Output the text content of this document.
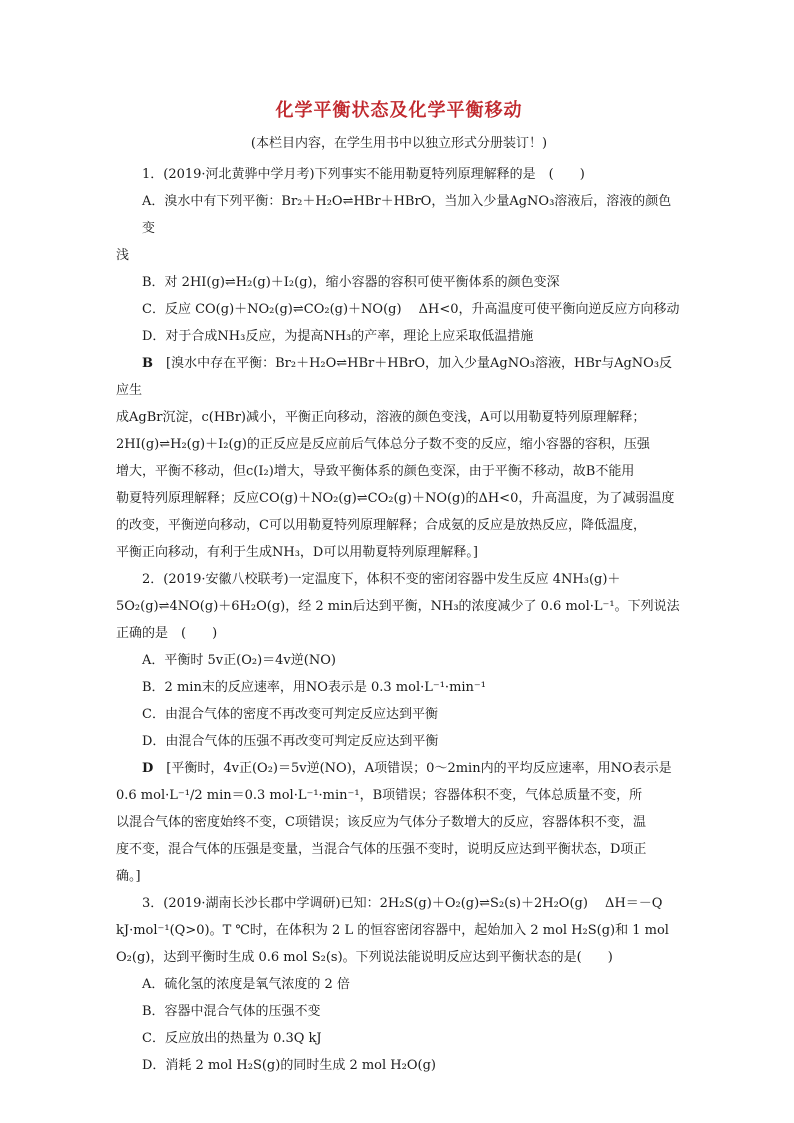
化学平衡状态及化学平衡移动
(本栏目内容，在学生用书中以独立形式分册装订！)

1．(2019·河北黄骅中学月考)下列事实不能用勒夏特列原理解释的是　(　　)

A．溴水中有下列平衡：Br₂＋H₂O⇌HBr＋HBrO，当加入少量AgNO₃溶液后，溶液的颜色变

浅

B．对 2HI(g)⇌H₂(g)＋I₂(g)，缩小容器的容积可使平衡体系的颜色变深

C．反应 CO(g)＋NO₂(g)⇌CO₂(g)＋NO(g)　 ΔH<0，升高温度可使平衡向逆反应方向移动

D．对于合成NH₃反应，为提高NH₃的产率，理论上应采取低温措施

B　 [溴水中存在平衡：Br₂＋H₂O⇌HBr＋HBrO，加入少量AgNO₃溶液，HBr与AgNO₃反应生

成AgBr沉淀，c(HBr)减小，平衡正向移动，溶液的颜色变浅，A可以用勒夏特列原理解释；

2HI(g)⇌H₂(g)＋I₂(g)的正反应是反应前后气体总分子数不变的反应，缩小容器的容积，压强

增大，平衡不移动，但c(I₂)增大，导致平衡体系的颜色变深，由于平衡不移动，故B不能用

勒夏特列原理解释；反应CO(g)＋NO₂(g)⇌CO₂(g)＋NO(g)的ΔH<0，升高温度，为了减弱温度

的改变，平衡逆向移动，C可以用勒夏特列原理解释；合成氨的反应是放热反应，降低温度，

平衡正向移动，有利于生成NH₃，D可以用勒夏特列原理解释。]

2．(2019·安徽八校联考)一定温度下，体积不变的密闭容器中发生反应 4NH₃(g)＋

5O₂(g)⇌4NO(g)＋6H₂O(g)，经 2 min后达到平衡，NH₃的浓度减少了 0.6 mol·L⁻¹。下列说法

正确的是　(　　)

A．平衡时 5v正(O₂)＝4v逆(NO)

B．2 min末的反应速率，用NO表示是 0.3 mol·L⁻¹·min⁻¹

C．由混合气体的密度不再改变可判定反应达到平衡

D．由混合气体的压强不再改变可判定反应达到平衡

D　 [平衡时，4v正(O₂)＝5v逆(NO)，A项错误；0～2min内的平均反应速率，用NO表示是

0.6 mol·L⁻¹/2 min＝0.3 mol·L⁻¹·min⁻¹，B项错误；容器体积不变，气体总质量不变，所

以混合气体的密度始终不变，C项错误；该反应为气体分子数增大的反应，容器体积不变，温

度不变，混合气体的压强是变量，当混合气体的压强不变时，说明反应达到平衡状态，D项正

确。]

3．(2019·湖南长沙长郡中学调研)已知：2H₂S(g)＋O₂(g)⇌S₂(s)＋2H₂O(g)　 ΔH＝－Q

kJ·mol⁻¹(Q>0)。T ℃时，在体积为 2 L 的恒容密闭容器中，起始加入 2 mol H₂S(g)和 1 mol

O₂(g)，达到平衡时生成 0.6 mol S₂(s)。下列说法能说明反应达到平衡状态的是(　　)

A．硫化氢的浓度是氧气浓度的 2 倍

B．容器中混合气体的压强不变

C．反应放出的热量为 0.3Q kJ

D．消耗 2 mol H₂S(g)的同时生成 2 mol H₂O(g)
